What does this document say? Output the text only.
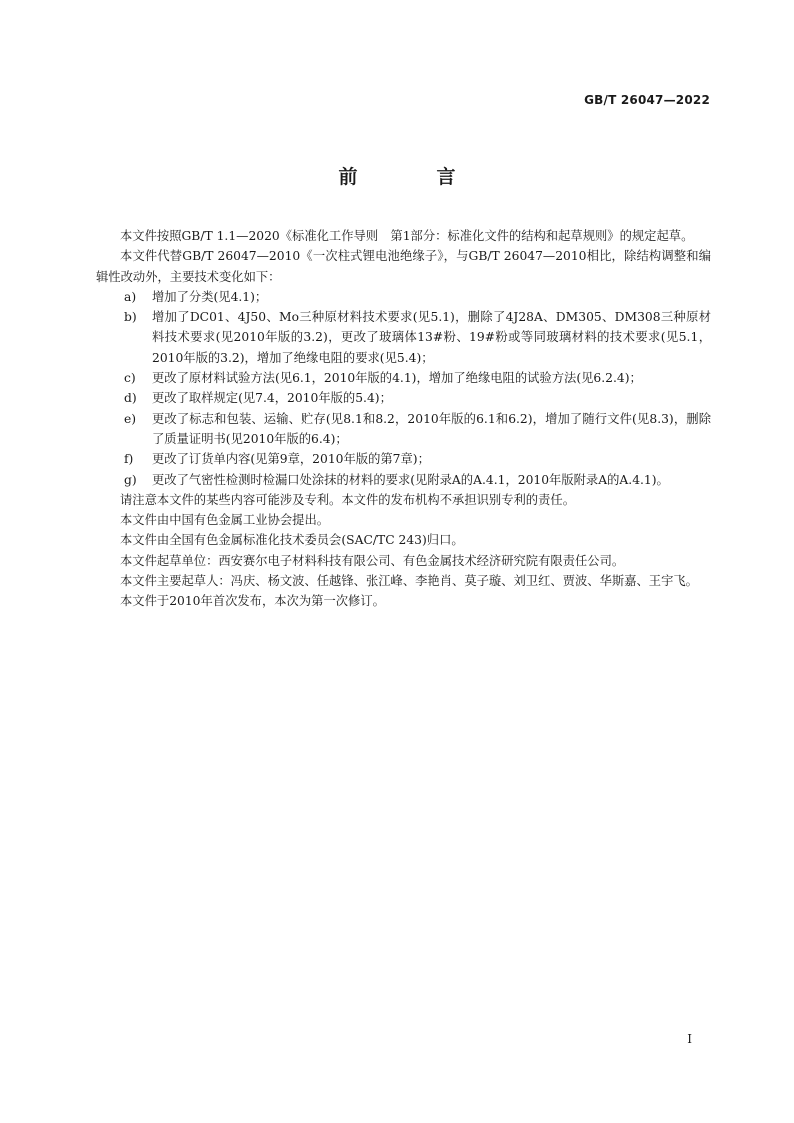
GB/T 26047—2022
前　言

本文件按照GB/T 1.1—2020《标准化工作导则　第1部分：标准化文件的结构和起草规则》的规定起草。

本文件代替GB/T 26047—2010《一次柱式锂电池绝缘子》，与GB/T 26047—2010相比，除结构调整和编辑性改动外，主要技术变化如下：

a) 增加了分类(见4.1)；

b) 增加了DC01、4J50、Mo三种原材料技术要求(见5.1)，删除了4J28A、DM305、DM308三种原材料技术要求(见2010年版的3.2)，更改了玻璃体13#粉、19#粉或等同玻璃材料的技术要求(见5.1，2010年版的3.2)，增加了绝缘电阻的要求(见5.4)；

c) 更改了原材料试验方法(见6.1，2010年版的4.1)，增加了绝缘电阻的试验方法(见6.2.4)；

d) 更改了取样规定(见7.4，2010年版的5.4)；

e) 更改了标志和包装、运输、贮存(见8.1和8.2，2010年版的6.1和6.2)，增加了随行文件(见8.3)，删除了质量证明书(见2010年版的6.4)；

f) 更改了订货单内容(见第9章，2010年版的第7章)；

g) 更改了气密性检测时检漏口处涂抹的材料的要求(见附录A的A.4.1，2010年版附录A的A.4.1)。

请注意本文件的某些内容可能涉及专利。本文件的发布机构不承担识别专利的责任。

本文件由中国有色金属工业协会提出。

本文件由全国有色金属标准化技术委员会(SAC/TC 243)归口。

本文件起草单位：西安赛尔电子材料科技有限公司、有色金属技术经济研究院有限责任公司。

本文件主要起草人：冯庆、杨文波、任越锋、张江峰、李艳肖、莫子璇、刘卫红、贾波、华斯嘉、王宇飞。

本文件于2010年首次发布，本次为第一次修订。

I
